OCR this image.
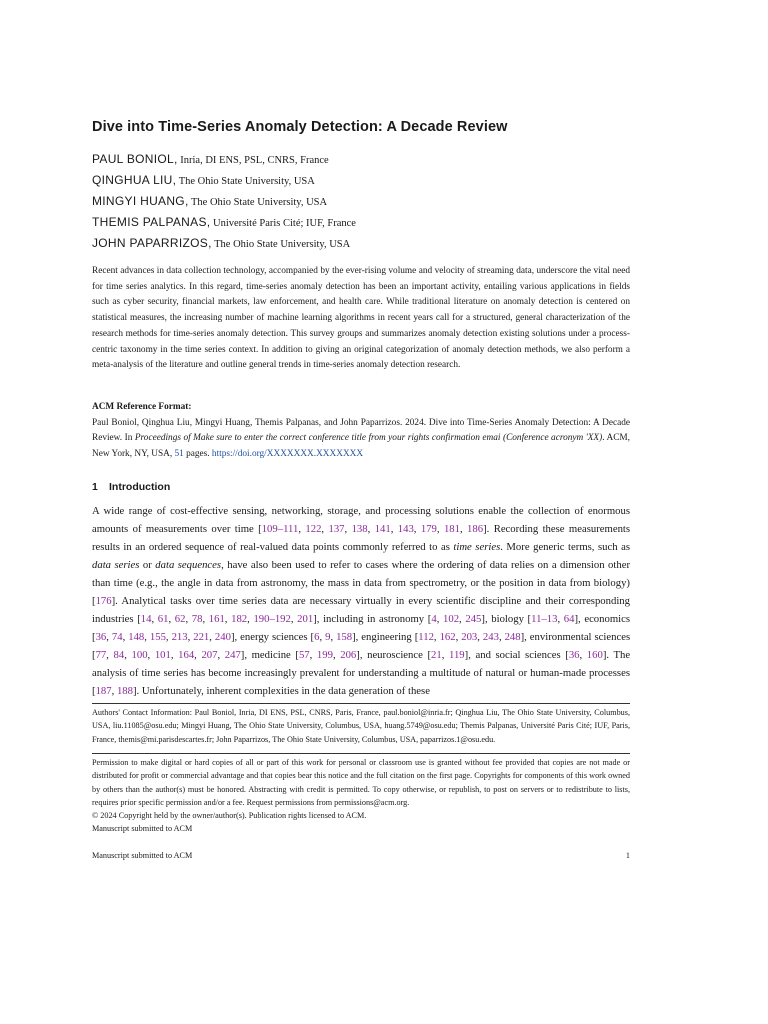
Dive into Time-Series Anomaly Detection: A Decade Review
PAUL BONIOL, Inria, DI ENS, PSL, CNRS, France
QINGHUA LIU, The Ohio State University, USA
MINGYI HUANG, The Ohio State University, USA
THEMIS PALPANAS, Université Paris Cité; IUF, France
JOHN PAPARRIZOS, The Ohio State University, USA
Recent advances in data collection technology, accompanied by the ever-rising volume and velocity of streaming data, underscore the vital need for time series analytics. In this regard, time-series anomaly detection has been an important activity, entailing various applications in fields such as cyber security, financial markets, law enforcement, and health care. While traditional literature on anomaly detection is centered on statistical measures, the increasing number of machine learning algorithms in recent years call for a structured, general characterization of the research methods for time-series anomaly detection. This survey groups and summarizes anomaly detection existing solutions under a process-centric taxonomy in the time series context. In addition to giving an original categorization of anomaly detection methods, we also perform a meta-analysis of the literature and outline general trends in time-series anomaly detection research.
ACM Reference Format:
Paul Boniol, Qinghua Liu, Mingyi Huang, Themis Palpanas, and John Paparrizos. 2024. Dive into Time-Series Anomaly Detection: A Decade Review. In Proceedings of Make sure to enter the correct conference title from your rights confirmation emai (Conference acronym 'XX). ACM, New York, NY, USA, 51 pages. https://doi.org/XXXXXXX.XXXXXXX
1 Introduction
A wide range of cost-effective sensing, networking, storage, and processing solutions enable the collection of enormous amounts of measurements over time [109–111, 122, 137, 138, 141, 143, 179, 181, 186]. Recording these measurements results in an ordered sequence of real-valued data points commonly referred to as time series. More generic terms, such as data series or data sequences, have also been used to refer to cases where the ordering of data relies on a dimension other than time (e.g., the angle in data from astronomy, the mass in data from spectrometry, or the position in data from biology) [176]. Analytical tasks over time series data are necessary virtually in every scientific discipline and their corresponding industries [14, 61, 62, 78, 161, 182, 190–192, 201], including in astronomy [4, 102, 245], biology [11–13, 64], economics [36, 74, 148, 155, 213, 221, 240], energy sciences [6, 9, 158], engineering [112, 162, 203, 243, 248], environmental sciences [77, 84, 100, 101, 164, 207, 247], medicine [57, 199, 206], neuroscience [21, 119], and social sciences [36, 160]. The analysis of time series has become increasingly prevalent for understanding a multitude of natural or human-made processes [187, 188]. Unfortunately, inherent complexities in the data generation of these
Authors' Contact Information: Paul Boniol, Inria, DI ENS, PSL, CNRS, Paris, France, paul.boniol@inria.fr; Qinghua Liu, The Ohio State University, Columbus, USA, liu.11085@osu.edu; Mingyi Huang, The Ohio State University, Columbus, USA, huang.5749@osu.edu; Themis Palpanas, Université Paris Cité; IUF, Paris, France, themis@mi.parisdescartes.fr; John Paparrizos, The Ohio State University, Columbus, USA, paparrizos.1@osu.edu.
Permission to make digital or hard copies of all or part of this work for personal or classroom use is granted without fee provided that copies are not made or distributed for profit or commercial advantage and that copies bear this notice and the full citation on the first page. Copyrights for components of this work owned by others than the author(s) must be honored. Abstracting with credit is permitted. To copy otherwise, or republish, to post on servers or to redistribute to lists, requires prior specific permission and/or a fee. Request permissions from permissions@acm.org.
© 2024 Copyright held by the owner/author(s). Publication rights licensed to ACM.
Manuscript submitted to ACM
Manuscript submitted to ACM	1
